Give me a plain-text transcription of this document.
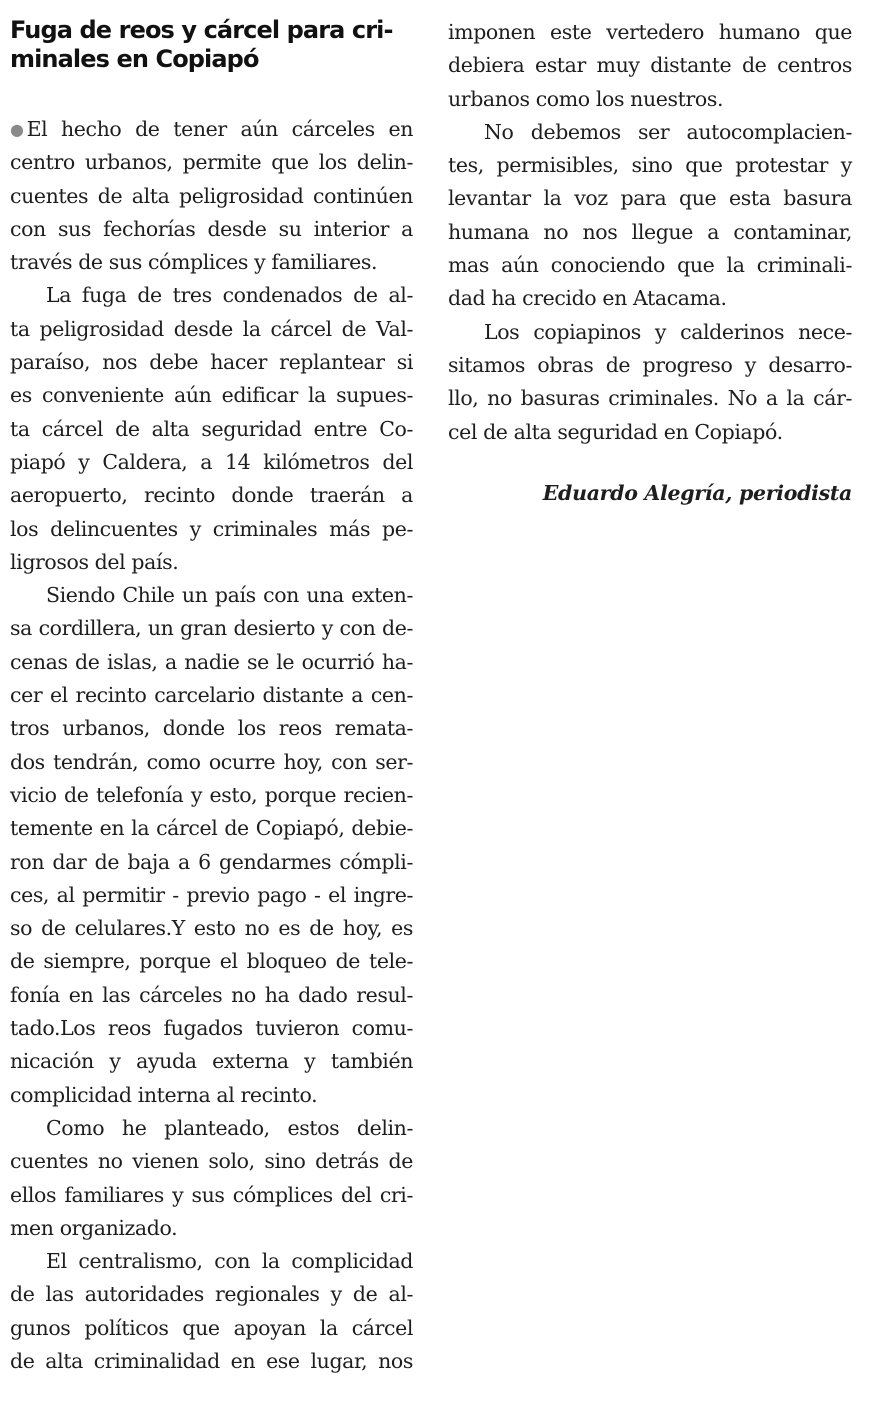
Fuga de reos y cárcel para cri-
minales en Copiapó
● El hecho de tener aún cárceles en
centro urbanos, permite que los delin-
cuentes de alta peligrosidad continúen
con sus fechorías desde su interior a
través de sus cómplices y familiares.
La fuga de tres condenados de al-
ta peligrosidad desde la cárcel de Val-
paraíso, nos debe hacer replantear si
es conveniente aún edificar la supues-
ta cárcel de alta seguridad entre Co-
piapó y Caldera, a 14 kilómetros del
aeropuerto, recinto donde traerán a
los delincuentes y criminales más pe-
ligrosos del país.
Siendo Chile un país con una exten-
sa cordillera, un gran desierto y con de-
cenas de islas, a nadie se le ocurrió ha-
cer el recinto carcelario distante a cen-
tros urbanos, donde los reos remata-
dos tendrán, como ocurre hoy, con ser-
vicio de telefonía y esto, porque recien-
temente en la cárcel de Copiapó, debie-
ron dar de baja a 6 gendarmes cómpli-
ces, al permitir - previo pago - el ingre-
so de celulares.Y esto no es de hoy, es
de siempre, porque el bloqueo de tele-
fonía en las cárceles no ha dado resul-
tado.Los reos fugados tuvieron comu-
nicación y ayuda externa y también
complicidad interna al recinto.
Como he planteado, estos delin-
cuentes no vienen solo, sino detrás de
ellos familiares y sus cómplices del cri-
men organizado.
El centralismo, con la complicidad
de las autoridades regionales y de al-
gunos políticos que apoyan la cárcel
de alta criminalidad en ese lugar, nos
imponen este vertedero humano que
debiera estar muy distante de centros
urbanos como los nuestros.
No debemos ser autocomplacien-
tes, permisibles, sino que protestar y
levantar la voz para que esta basura
humana no nos llegue a contaminar,
mas aún conociendo que la criminali-
dad ha crecido en Atacama.
Los copiapinos y calderinos nece-
sitamos obras de progreso y desarro-
llo, no basuras criminales. No a la cár-
cel de alta seguridad en Copiapó.
Eduardo Alegría, periodista
